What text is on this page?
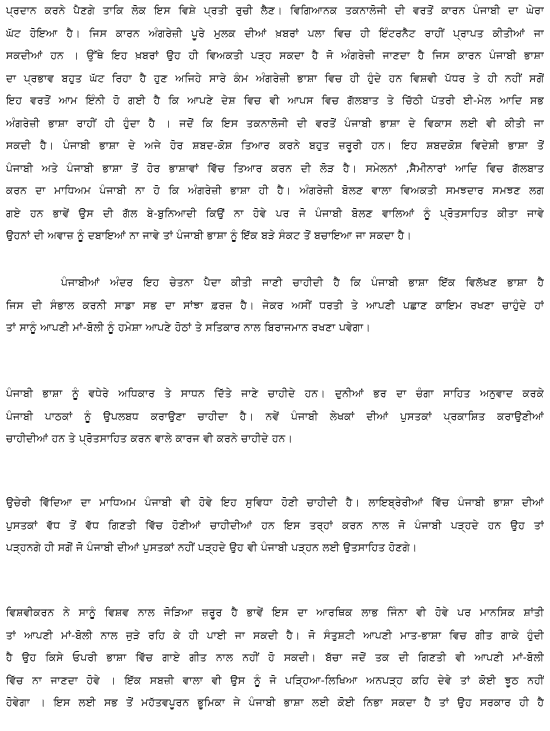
ਪ੍ਰਦਾਨ ਕਰਨੇ ਪੈਣਗੇ ਤਾਕਿ ਲੋਕ ਇਸ ਵਿਸ਼ੇ ਪ੍ਰਤੀ ਰੁਚੀ ਲੈਣ। ਵਿਗਿਆਨਕ ਤਕਨਾਲੋਜੀ ਦੀ ਵਰਤੋਂ ਕਾਰਨ ਪੰਜਾਬੀ ਦਾ ਘੇਰਾ
ਘੱਟ ਹੋਇਆ ਹੈ। ਜਿਸ ਕਾਰਨ ਅੰਗਰੇਜ਼ੀ ਪੂਰੇ ਮੁਲਕ ਦੀਆਂ ਖ਼ਬਰਾਂ ਪਲਾ ਵਿਚ ਹੀ ਇੰਟਰਨੈਟ ਰਾਹੀਂ ਪ੍ਰਾਪਤ ਕੀਤੀਆਂ ਜਾ
ਸਕਦੀਆਂ ਹਨ । ਉੱਥੇ ਇਹ ਖ਼ਬਰਾਂ ਉਹ ਹੀ ਵਿਅਕਤੀ ਪੜ੍ਹ ਸਕਦਾ ਹੈ ਜੋ ਅੰਗਰੇਜ਼ੀ ਜਾਣਦਾ ਹੈ ਜਿਸ ਕਾਰਨ ਪੰਜਾਬੀ ਭਾਸ਼ਾ
ਦਾ ਪ੍ਰਭਾਵ ਬਹੁਤ ਘੱਟ ਰਿਹਾ ਹੈ ਹੁਣ ਅਜਿਹੇ ਸਾਰੇ ਕੰਮ ਅੰਗਰੇਜ਼ੀ ਭਾਸ਼ਾ ਵਿਚ ਹੀ ਹੁੰਦੇ ਹਨ ਵਿਸ਼ਵੀ ਪੱਧਰ ਤੇ ਹੀ ਨਹੀਂ ਸਗੋਂ
ਇਹ ਵਰਤੋਂ ਆਮ ਇੰਨੀ ਹੋ ਗਈ ਹੈ ਕਿ ਆਪਣੇ ਦੇਸ਼ ਵਿਚ ਵੀ ਆਪਸ ਵਿਚ ਗੱਲਬਾਤ ਤੇ ਚਿੱਠੀ ਪੱਤਰੀ ਈ-ਮੇਲ ਆਦਿ ਸਭ
ਅੰਗਰੇਜ਼ੀ ਭਾਸ਼ਾ ਰਾਹੀਂ ਹੀ ਹੁੰਦਾ ਹੈ । ਜਦੋਂ ਕਿ ਇਸ ਤਕਨਾਲੋਜੀ ਦੀ ਵਰਤੋਂ ਪੰਜਾਬੀ ਭਾਸ਼ਾ ਦੇ ਵਿਕਾਸ ਲਈ ਵੀ ਕੀਤੀ ਜਾ
ਸਕਦੀ ਹੈ। ਪੰਜਾਬੀ ਭਾਸ਼ਾ ਦੇ ਅਜੇ ਹੋਰ ਸ਼ਬਦ-ਕੋਸ਼ ਤਿਆਰ ਕਰਨੇ ਬਹੁਤ ਜ਼ਰੂਰੀ ਹਨ। ਇਹ ਸ਼ਬਦਕੋਸ਼ ਵਿਦੇਸ਼ੀ ਭਾਸ਼ਾ ਤੋਂ
ਪੰਜਾਬੀ ਅਤੇ ਪੰਜਾਬੀ ਭਾਸ਼ਾ ਤੋਂ ਹੋਰ ਭਾਸ਼ਾਵਾਂ ਵਿੱਚ ਤਿਆਰ ਕਰਨ ਦੀ ਲੋੜ ਹੈ। ਸਮੇਲਨਾਂ ,ਸੈਮੀਨਾਰਾਂ ਆਦਿ ਵਿਚ ਗੱਲਬਾਤ
ਕਰਨ ਦਾ ਮਾਧਿਅਮ ਪੰਜਾਬੀ ਨਾ ਹੋ ਕਿ ਅੰਗਰੇਜ਼ੀ ਭਾਸ਼ਾ ਹੀ ਹੈ। ਅੰਗਰੇਜ਼ੀ ਬੋਲਣ ਵਾਲਾ ਵਿਅਕਤੀ ਸਮਝਦਾਰ ਸਮਝਣ ਲਗ
ਗਏ ਹਨ ਭਾਵੇਂ ਉਸ ਦੀ ਗੱਲ ਬੇ-ਬੁਨਿਆਦੀ ਕਿਉਂ ਨਾ ਹੋਵੇ ਪਰ ਜੋ ਪੰਜਾਬੀ ਬੋਲਣ ਵਾਲਿਆਂ ਨੂੰ ਪ੍ਰੋਤਸਾਹਿਤ ਕੀਤਾ ਜਾਵੇ
ਉਹਨਾਂ ਦੀ ਅਵਾਜ਼ ਨੂੰ ਦਬਾਇਆਂ ਨਾ ਜਾਵੇ ਤਾਂ ਪੰਜਾਬੀ ਭਾਸ਼ਾ ਨੂੰ ਇੱਕ ਬੜੇ ਸੰਕਟ ਤੋਂ ਬਚਾਇਆ ਜਾ ਸਕਦਾ ਹੈ।
ਪੰਜਾਬੀਆਂ ਅੰਦਰ ਇਹ ਚੇਤਨਾ ਪੈਦਾ ਕੀਤੀ ਜਾਣੀ ਚਾਹੀਦੀ ਹੈ ਕਿ ਪੰਜਾਬੀ ਭਾਸ਼ਾ ਇੱਕ ਵਿਲੱਖਣ ਭਾਸ਼ਾ ਹੈ
ਜਿਸ ਦੀ ਸੰਭਾਲ ਕਰਨੀ ਸਾਡਾ ਸਭ ਦਾ ਸਾਂਝਾ ਫ਼ਰਜ਼ ਹੈ। ਜੇਕਰ ਅਸੀਂ ਧਰਤੀ ਤੇ ਆਪਣੀ ਪਛਾਣ ਕਾਇਮ ਰਖਣਾ ਚਾਹੁੰਦੇ ਹਾਂ
ਤਾਂ ਸਾਨੂੰ ਆਪਣੀ ਮਾਂ-ਬੋਲੀ ਨੂੰ ਹਮੇਸ਼ਾ ਆਪਣੇ ਹੋਠਾਂ ਤੇ ਸਤਿਕਾਰ ਨਾਲ ਬਿਰਾਜਮਾਨ ਰਖਣਾ ਪਵੇਗਾ।
ਪੰਜਾਬੀ ਭਾਸ਼ਾ ਨੂੰ ਵਧੇਰੇ ਅਧਿਕਾਰ ਤੇ ਸਾਧਨ ਦਿੱਤੇ ਜਾਣੇ ਚਾਹੀਦੇ ਹਨ। ਦੁਨੀਆਂ ਭਰ ਦਾ ਚੰਗਾ ਸਾਹਿਤ ਅਨੁਵਾਦ ਕਰਕੇ
ਪੰਜਾਬੀ ਪਾਠਕਾਂ ਨੂੰ ਉਪਲਬਧ ਕਰਾਉਣਾ ਚਾਹੀਦਾ ਹੈ। ਨਵੇਂ ਪੰਜਾਬੀ ਲੇਖਕਾਂ ਦੀਆਂ ਪੁਸਤਕਾਂ ਪ੍ਰਕਾਸ਼ਿਤ ਕਰਾਉਣੀਆਂ
ਚਾਹੀਦੀਆਂ ਹਨ ਤੇ ਪ੍ਰੋਤਸਾਹਿਤ ਕਰਨ ਵਾਲੇ ਕਾਰਜ ਵੀ ਕਰਨੇ ਚਾਹੀਦੇ ਹਨ।
ਉਚੇਰੀ ਵਿੱਦਿਆ ਦਾ ਮਾਧਿਅਮ ਪੰਜਾਬੀ ਵੀ ਹੋਵੇ ਇਹ ਸੁਵਿਧਾ ਹੋਣੀ ਚਾਹੀਦੀ ਹੈ। ਲਾਇਬ੍ਰੇਰੀਆਂ ਵਿੱਚ ਪੰਜਾਬੀ ਭਾਸ਼ਾ ਦੀਆਂ
ਪੁਸਤਕਾਂ ਵੱਧ ਤੋਂ ਵੱਧ ਗਿਣਤੀ ਵਿੱਚ ਹੋਣੀਆਂ ਚਾਹੀਦੀਆਂ ਹਨ ਇਸ ਤਰ੍ਹਾਂ ਕਰਨ ਨਾਲ ਜੋ ਪੰਜਾਬੀ ਪੜ੍ਹਦੇ ਹਨ ਉਹ ਤਾਂ
ਪੜ੍ਹਨਗੇ ਹੀ ਸਗੋਂ ਜੋ ਪੰਜਾਬੀ ਦੀਆਂ ਪੁਸਤਕਾਂ ਨਹੀਂ ਪੜ੍ਹਦੇ ਉਹ ਵੀ ਪੰਜਾਬੀ ਪੜ੍ਹਨ ਲਈ ਉਤਸਾਹਿਤ ਹੋਣਗੇ।
ਵਿਸ਼ਵੀਕਰਨ ਨੇ ਸਾਨੂੰ ਵਿਸ਼ਵ ਨਾਲ ਜੋੜਿਆ ਜ਼ਰੂਰ ਹੈ ਭਾਵੇਂ ਇਸ ਦਾ ਆਰਥਿਕ ਲਾਭ ਜਿੰਨਾ ਵੀ ਹੋਵੇ ਪਰ ਮਾਨਸਿਕ ਸ਼ਾਂਤੀ
ਤਾਂ ਆਪਣੀ ਮਾਂ-ਬੋਲੀ ਨਾਲ ਜੁੜੇ ਰਹਿ ਕੇ ਹੀ ਪਾਈ ਜਾ ਸਕਦੀ ਹੈ। ਜੋ ਸੰਤੁਸ਼ਟੀ ਆਪਣੀ ਮਾਤ-ਭਾਸ਼ਾ ਵਿਚ ਗੀਤ ਗਾਕੇ ਹੁੰਦੀ
ਹੈ ਉਹ ਕਿਸੇ ਓਪਰੀ ਭਾਸ਼ਾ ਵਿੱਚ ਗਾਏ ਗੀਤ ਨਾਲ ਨਹੀਂ ਹੋ ਸਕਦੀ। ਬੱਚਾ ਜਦੋਂ ਤਕ ਦੀ ਗਿਣਤੀ ਵੀ ਆਪਣੀ ਮਾਂ-ਬੋਲੀ
ਵਿੱਚ ਨਾ ਜਾਣਦਾ ਹੋਵੇ । ਇੱਕ ਸਬਜ਼ੀ ਵਾਲਾ ਵੀ ਉਸ ਨੂੰ ਜੋ ਪੜ੍ਹਿਆ-ਲਿਖਿਆ ਅਨਪੜ੍ਹ ਕਹਿ ਦੇਵੇ ਤਾਂ ਕੋਈ ਝੂਠ ਨਹੀਂ
ਹੋਵੇਗਾ । ਇਸ ਲਈ ਸਭ ਤੋਂ ਮਹੱਤਵਪੂਰਨ ਭੂਮਿਕਾ ਜੇ ਪੰਜਾਬੀ ਭਾਸ਼ਾ ਲਈ ਕੋਈ ਨਿਭਾ ਸਕਦਾ ਹੈ ਤਾਂ ਉਹ ਸਰਕਾਰ ਹੀ ਹੈ
